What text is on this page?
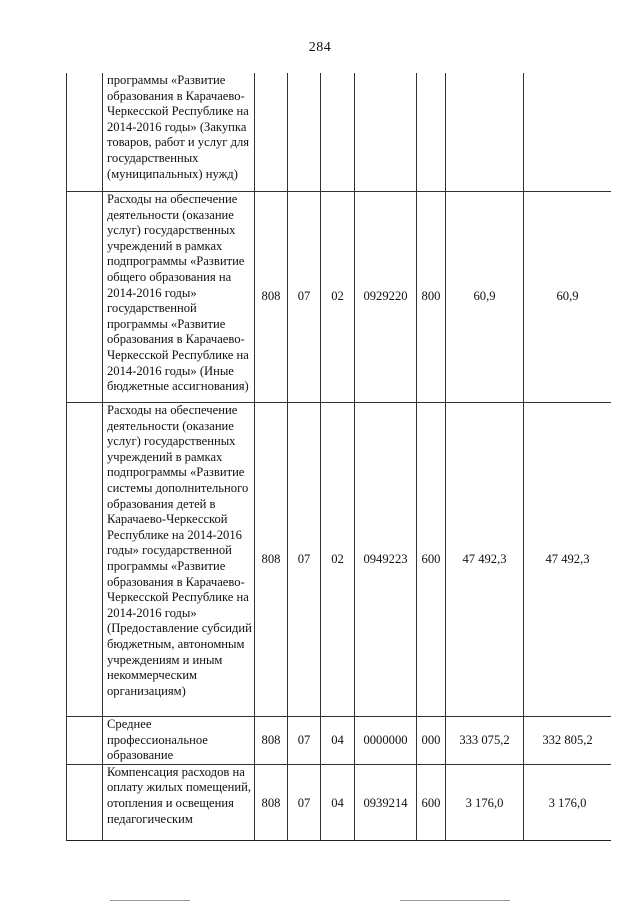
284
	программы «Развитие образования в Карачаево-Черкесской Республике на 2014-2016 годы» (Закупка товаров, работ и услуг для государственных (муниципальных) нужд)							
	Расходы на обеспечение деятельности (оказание услуг) государственных учреждений в рамках подпрограммы «Развитие общего образования на 2014-2016 годы» государственной программы «Развитие образования в Карачаево-Черкесской Республике на 2014-2016 годы» (Иные бюджетные ассигнования)	808	07	02	0929220	800	60,9	60,9
	Расходы на обеспечение деятельности (оказание услуг) государственных учреждений в рамках подпрограммы «Развитие системы дополнительного образования детей в Карачаево-Черкесской Республике на 2014-2016 годы» государственной программы «Развитие образования в Карачаево-Черкесской Республике на 2014-2016 годы» (Предоставление субсидий бюджетным, автономным учреждениям и иным некоммерческим организациям)	808	07	02	0949223	600	47 492,3	47 492,3
	Среднее профессиональное образование	808	07	04	0000000	000	333 075,2	332 805,2
	Компенсация расходов на оплату жилых помещений, отопления и освещения педагогическим	808	07	04	0939214	600	3 176,0	3 176,0
